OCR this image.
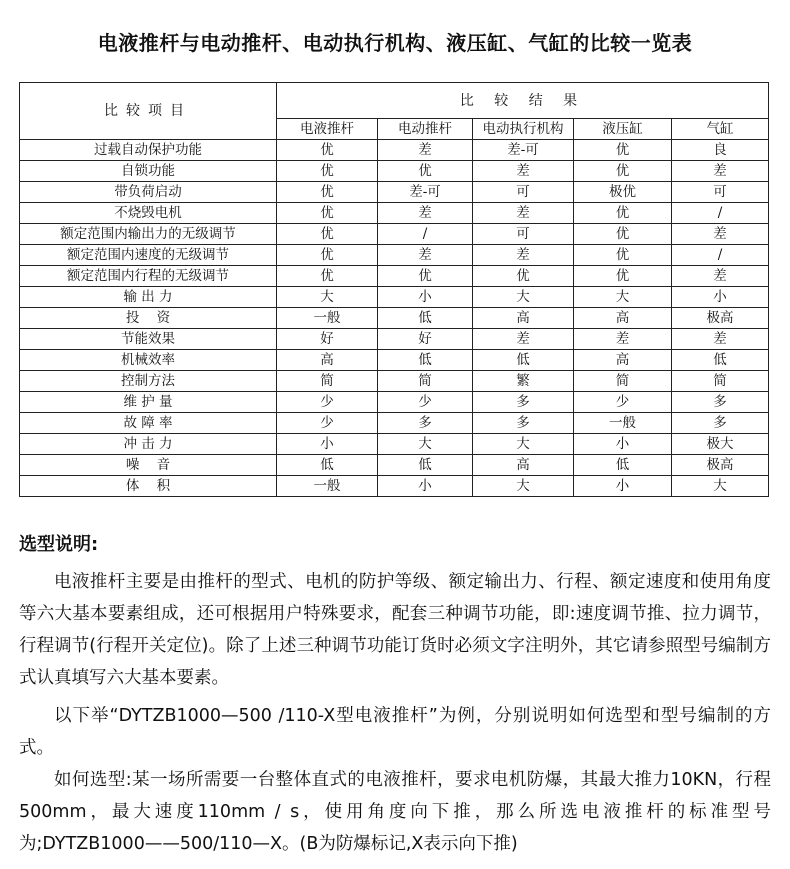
电液推杆与电动推杆、电动执行机构、液压缸、气缸的比较一览表
比较项目	比 较 结 果				
	电液推杆	电动推杆	电动执行机构	液压缸	气缸
过载自动保护功能	优	差	差-可	优	良
自锁功能	优	优	差	优	差
带负荷启动	优	差-可	可	极优	可
不烧毁电机	优	差	差	优	/
额定范围内输出力的无级调节	优	/	可	优	差
额定范围内速度的无级调节	优	差	差	优	/
额定范围内行程的无级调节	优	优	优	优	差
输 出 力	大	小	大	大	小
投    资	一般	低	高	高	极高
节能效果	好	好	差	差	差
机械效率	高	低	低	高	低
控制方法	简	简	繁	简	简
维 护 量	少	少	多	少	多
故 障 率	少	多	多	一般	多
冲 击 力	小	大	大	小	极大
噪    音	低	低	高	低	极高
体    积	一般	小	大	小	大
选型说明:
电液推杆主要是由推杆的型式、电机的防护等级、额定输出力、行程、额定速度和使用角度等六大基本要素组成，还可根据用户特殊要求，配套三种调节功能，即:速度调节推、拉力调节，行程调节(行程开关定位)。除了上述三种调节功能订货时必须文字注明外，其它请参照型号编制方式认真填写六大基本要素。
以下举“DYTZB1000—500 /110-X型电液推杆”为例，分别说明如何选型和型号编制的方式。
如何选型:某一场所需要一台整体直式的电液推杆，要求电机防爆，其最大推力10KN，行程500mm，最大速度110mm / s，使用角度向下推，那么所选电液推杆的标准型号为;DYTZB1000——500/110—X。(B为防爆标记,X表示向下推)
